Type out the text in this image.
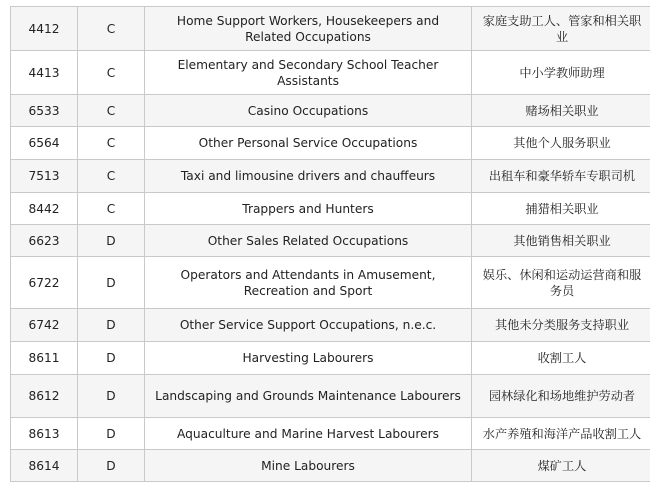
4412	C	Home Support Workers, Housekeepers and Related Occupations	家庭支助工人、管家和相关职业
4413	C	Elementary and Secondary School Teacher Assistants	中小学教师助理
6533	C	Casino Occupations	赌场相关职业
6564	C	Other Personal Service Occupations	其他个人服务职业
7513	C	Taxi and limousine drivers and chauffeurs	出租车和豪华轿车专职司机
8442	C	Trappers and Hunters	捕猎相关职业
6623	D	Other Sales Related Occupations	其他销售相关职业
6722	D	Operators and Attendants in Amusement, Recreation and Sport	娱乐、休闲和运动运营商和服务员
6742	D	Other Service Support Occupations, n.e.c.	其他未分类服务支持职业
8611	D	Harvesting Labourers	收割工人
8612	D	Landscaping and Grounds Maintenance Labourers	园林绿化和场地维护劳动者
8613	D	Aquaculture and Marine Harvest Labourers	水产养殖和海洋产品收割工人
8614	D	Mine Labourers	煤矿工人
